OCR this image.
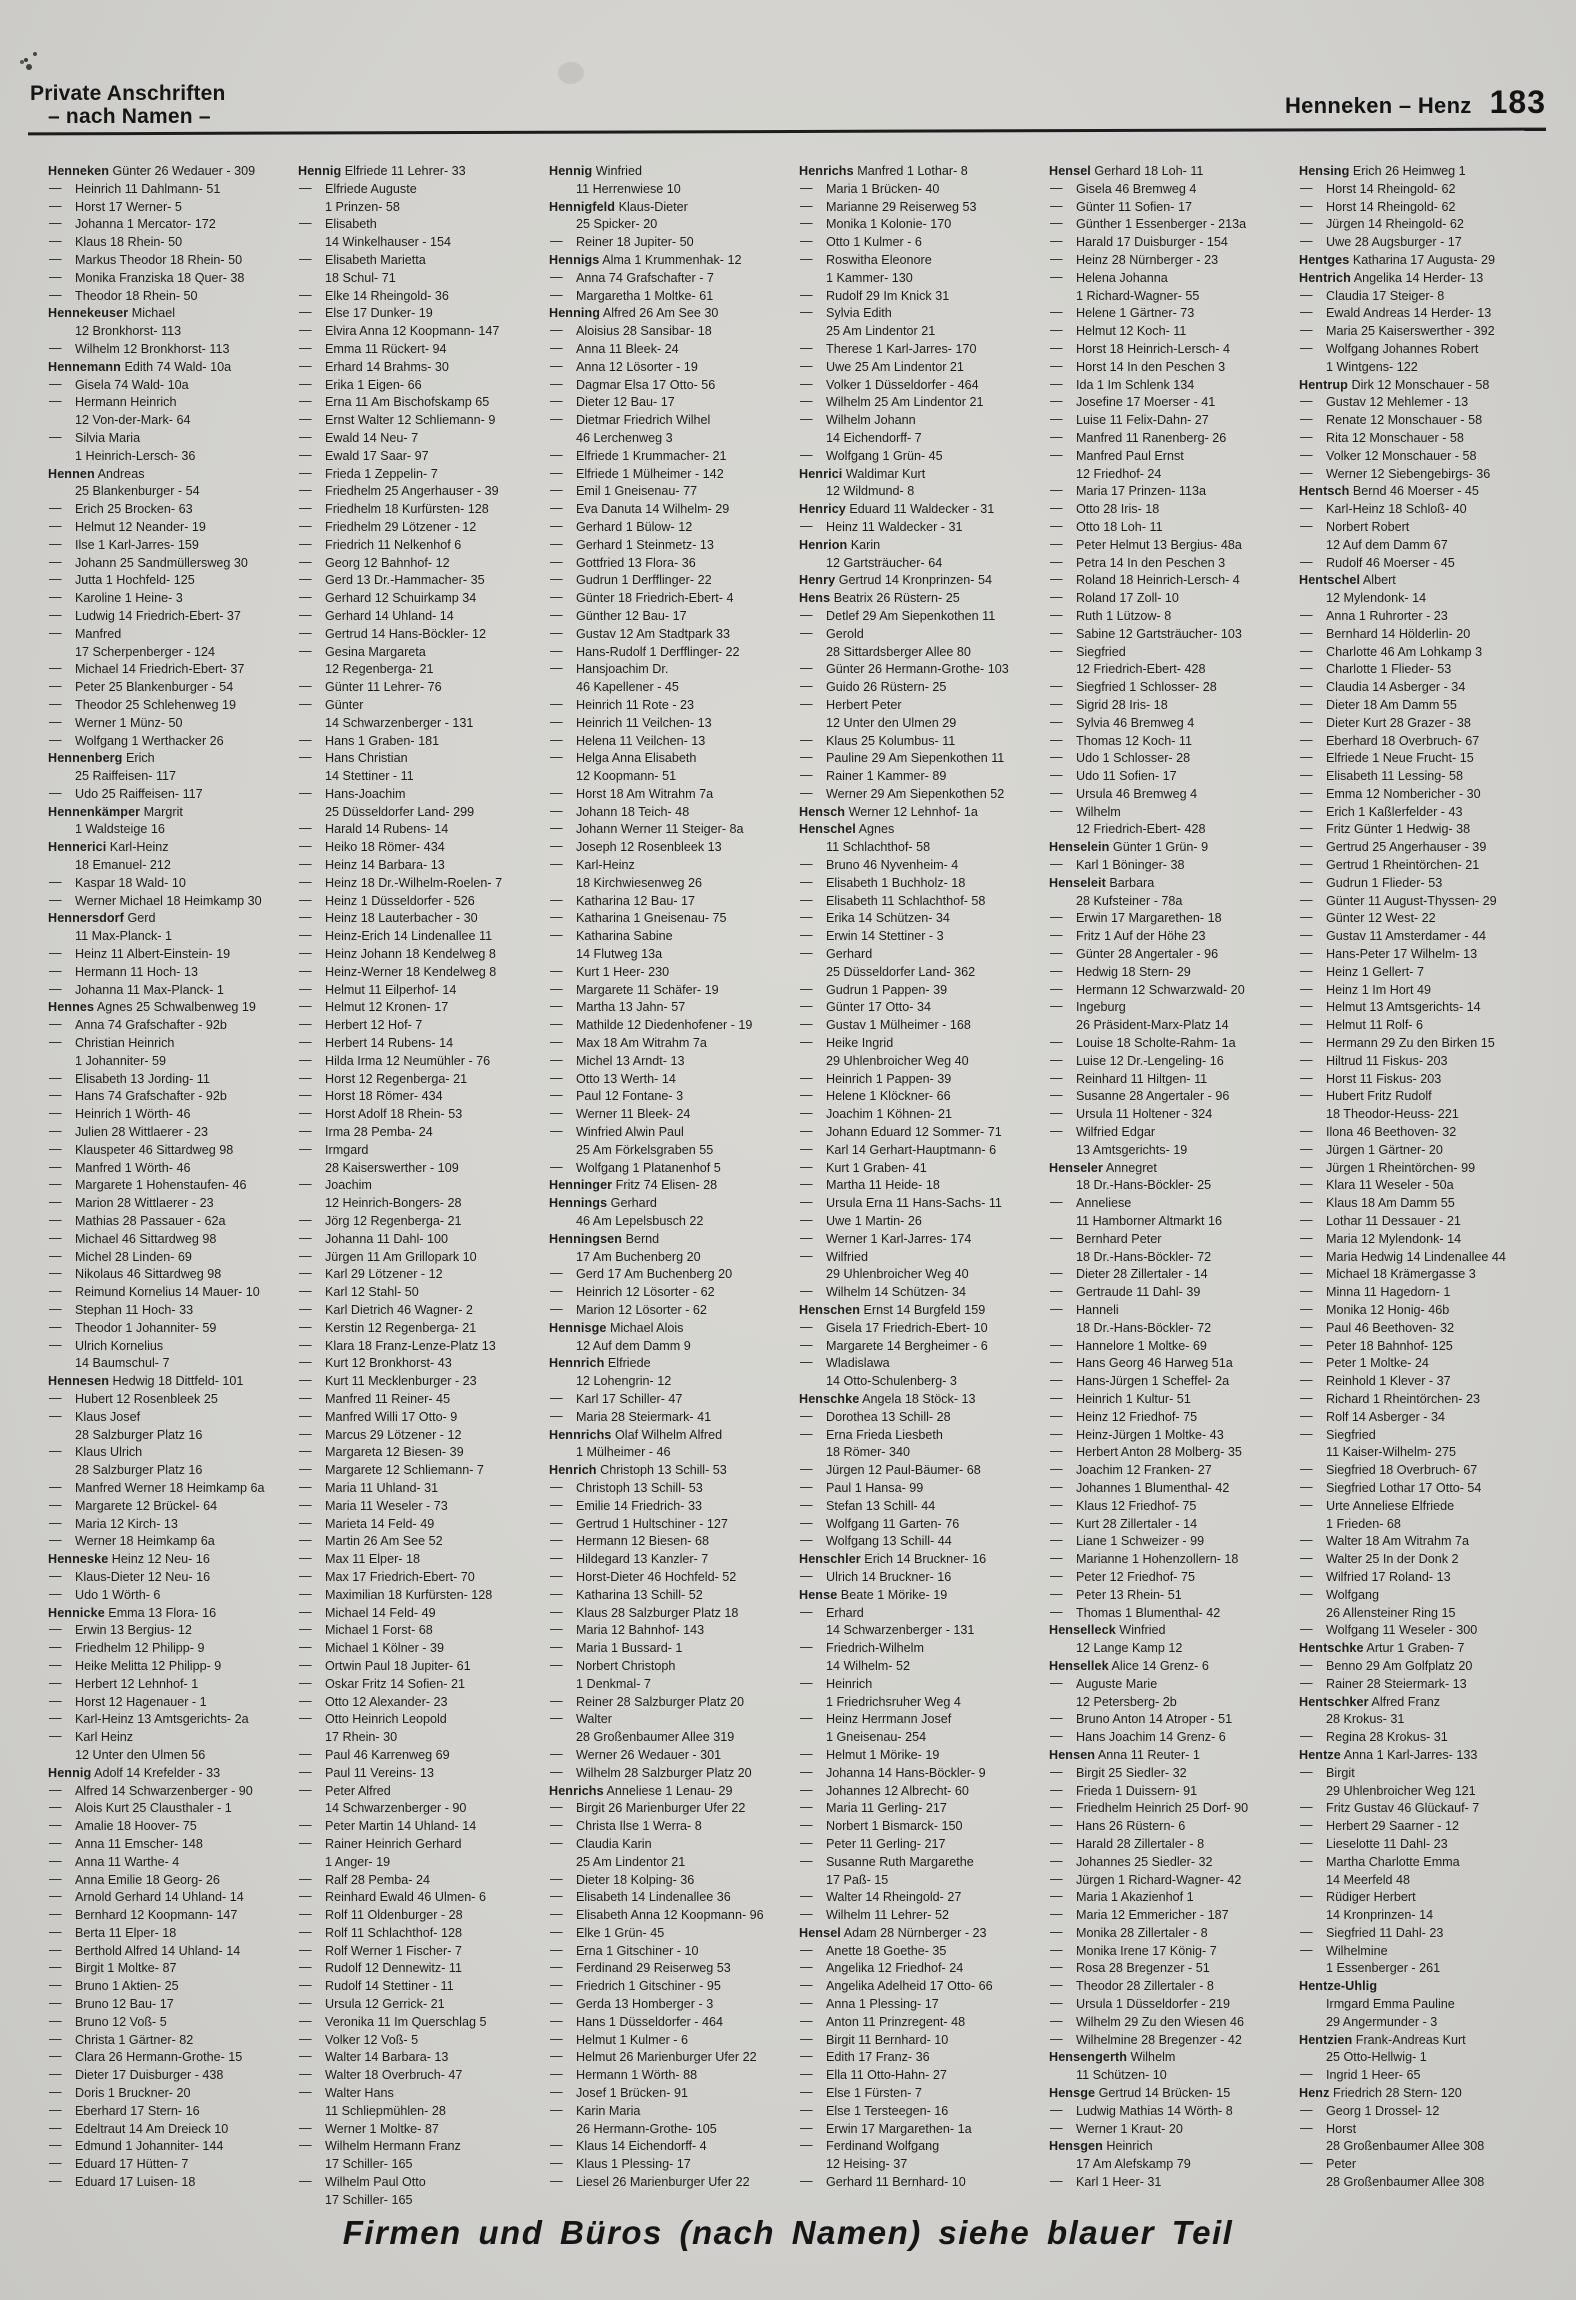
Private Anschriften
– nach Namen –	Henneken – Henz 183
Henneken Günter 26 Wedauer - 309
— Heinrich 11 Dahlmann- 51
— Horst 17 Werner- 5
— Johanna 1 Mercator- 172
— Klaus 18 Rhein- 50
— Markus Theodor 18 Rhein- 50
— Monika Franziska 18 Quer- 38
— Theodor 18 Rhein- 50
Hennekeuser Michael
12 Bronkhorst- 113
— Wilhelm 12 Bronkhorst- 113
Hennemann Edith 74 Wald- 10a
— Gisela 74 Wald- 10a
— Hermann Heinrich
12 Von-der-Mark- 64
— Silvia Maria
1 Heinrich-Lersch- 36
Hennen Andreas
25 Blankenburger - 54
— Erich 25 Brocken- 63
— Helmut 12 Neander- 19
— Ilse 1 Karl-Jarres- 159
— Johann 25 Sandmüllersweg 30
— Jutta 1 Hochfeld- 125
— Karoline 1 Heine- 3
— Ludwig 14 Friedrich-Ebert- 37
— Manfred
17 Scherpenberger - 124
— Michael 14 Friedrich-Ebert- 37
— Peter 25 Blankenburger - 54
— Theodor 25 Schlehenweg 19
— Werner 1 Münz- 50
— Wolfgang 1 Werthacker 26
Hennenberg Erich
25 Raiffeisen- 117
— Udo 25 Raiffeisen- 117
Hennenkämper Margrit
1 Waldsteige 16
Hennerici Karl-Heinz
18 Emanuel- 212
— Kaspar 18 Wald- 10
— Werner Michael 18 Heimkamp 30
Hennersdorf Gerd
11 Max-Planck- 1
— Heinz 11 Albert-Einstein- 19
— Hermann 11 Hoch- 13
— Johanna 11 Max-Planck- 1
Hennes Agnes 25 Schwalbenweg 19
— Anna 74 Grafschafter - 92b
— Christian Heinrich
1 Johanniter- 59
— Elisabeth 13 Jording- 11
— Hans 74 Grafschafter - 92b
— Heinrich 1 Wörth- 46
— Julien 28 Wittlaerer - 23
— Klauspeter 46 Sittardweg 98
— Manfred 1 Wörth- 46
— Margarete 1 Hohenstaufen- 46
— Marion 28 Wittlaerer - 23
— Mathias 28 Passauer - 62a
— Michael 46 Sittardweg 98
— Michel 28 Linden- 69
— Nikolaus 46 Sittardweg 98
— Reimund Kornelius 14 Mauer- 10
— Stephan 11 Hoch- 33
— Theodor 1 Johanniter- 59
— Ulrich Kornelius
14 Baumschul- 7
Hennesen Hedwig 18 Dittfeld- 101
— Hubert 12 Rosenbleek 25
— Klaus Josef
28 Salzburger Platz 16
— Klaus Ulrich
28 Salzburger Platz 16
— Manfred Werner 18 Heimkamp 6a
— Margarete 12 Brückel- 64
— Maria 12 Kirch- 13
— Werner 18 Heimkamp 6a
Henneske Heinz 12 Neu- 16
— Klaus-Dieter 12 Neu- 16
— Udo 1 Wörth- 6
Hennicke Emma 13 Flora- 16
— Erwin 13 Bergius- 12
— Friedhelm 12 Philipp- 9
— Heike Melitta 12 Philipp- 9
— Herbert 12 Lehnhof- 1
— Horst 12 Hagenauer - 1
— Karl-Heinz 13 Amtsgerichts- 2a
— Karl Heinz
12 Unter den Ulmen 56
Hennig Adolf 14 Krefelder - 33
— Alfred 14 Schwarzenberger - 90
— Alois Kurt 25 Clausthaler - 1
— Amalie 18 Hoover- 75
— Anna 11 Emscher- 148
— Anna 11 Warthe- 4
— Anna Emilie 18 Georg- 26
— Arnold Gerhard 14 Uhland- 14
— Bernhard 12 Koopmann- 147
— Berta 11 Elper- 18
— Berthold Alfred 14 Uhland- 14
— Birgit 1 Moltke- 87
— Bruno 1 Aktien- 25
— Bruno 12 Bau- 17
— Bruno 12 Voß- 5
— Christa 1 Gärtner- 82
— Clara 26 Hermann-Grothe- 15
— Dieter 17 Duisburger - 438
— Doris 1 Bruckner- 20
— Eberhard 17 Stern- 16
— Edeltraut 14 Am Dreieck 10
— Edmund 1 Johanniter- 144
— Eduard 17 Hütten- 7
— Eduard 17 Luisen- 18
Hennig Elfriede 11 Lehrer- 33
— Elfriede Auguste
1 Prinzen- 58
— Elisabeth
14 Winkelhauser - 154
— Elisabeth Marietta
18 Schul- 71
— Elke 14 Rheingold- 36
— Else 17 Dunker- 19
— Elvira Anna 12 Koopmann- 147
— Emma 11 Rückert- 94
— Erhard 14 Brahms- 30
— Erika 1 Eigen- 66
— Erna 11 Am Bischofskamp 65
— Ernst Walter 12 Schliemann- 9
— Ewald 14 Neu- 7
— Ewald 17 Saar- 97
— Frieda 1 Zeppelin- 7
— Friedhelm 25 Angerhauser - 39
— Friedhelm 18 Kurfürsten- 128
— Friedhelm 29 Lötzener - 12
— Friedrich 11 Nelkenhof 6
— Georg 12 Bahnhof- 12
— Gerd 13 Dr.-Hammacher- 35
— Gerhard 12 Schuirkamp 34
— Gerhard 14 Uhland- 14
— Gertrud 14 Hans-Böckler- 12
— Gesina Margareta
12 Regenberga- 21
— Günter 11 Lehrer- 76
— Günter
14 Schwarzenberger - 131
— Hans 1 Graben- 181
— Hans Christian
14 Stettiner - 11
— Hans-Joachim
25 Düsseldorfer Land- 299
— Harald 14 Rubens- 14
— Heiko 18 Römer- 434
— Heinz 14 Barbara- 13
— Heinz 18 Dr.-Wilhelm-Roelen- 7
— Heinz 1 Düsseldorfer - 526
— Heinz 18 Lauterbacher - 30
— Heinz-Erich 14 Lindenallee 11
— Heinz Johann 18 Kendelweg 8
— Heinz-Werner 18 Kendelweg 8
— Helmut 11 Eilperhof- 14
— Helmut 12 Kronen- 17
— Herbert 12 Hof- 7
— Herbert 14 Rubens- 14
— Hilda Irma 12 Neumühler - 76
— Horst 12 Regenberga- 21
— Horst 18 Römer- 434
— Horst Adolf 18 Rhein- 53
— Irma 28 Pemba- 24
— Irmgard
28 Kaiserswerther - 109
— Joachim
12 Heinrich-Bongers- 28
— Jörg 12 Regenberga- 21
— Johanna 11 Dahl- 100
— Jürgen 11 Am Grillopark 10
— Karl 29 Lötzener - 12
— Karl 12 Stahl- 50
— Karl Dietrich 46 Wagner- 2
— Kerstin 12 Regenberga- 21
— Klara 18 Franz-Lenze-Platz 13
— Kurt 12 Bronkhorst- 43
— Kurt 11 Mecklenburger - 23
— Manfred 11 Reiner- 45
— Manfred Willi 17 Otto- 9
— Marcus 29 Lötzener - 12
— Margareta 12 Biesen- 39
— Margarete 12 Schliemann- 7
— Maria 11 Uhland- 31
— Maria 11 Weseler - 73
— Marieta 14 Feld- 49
— Martin 26 Am See 52
— Max 11 Elper- 18
— Max 17 Friedrich-Ebert- 70
— Maximilian 18 Kurfürsten- 128
— Michael 14 Feld- 49
— Michael 1 Forst- 68
— Michael 1 Kölner - 39
— Ortwin Paul 18 Jupiter- 61
— Oskar Fritz 14 Sofien- 21
— Otto 12 Alexander- 23
— Otto Heinrich Leopold
17 Rhein- 30
— Paul 46 Karrenweg 69
— Paul 11 Vereins- 13
— Peter Alfred
14 Schwarzenberger - 90
— Peter Martin 14 Uhland- 14
— Rainer Heinrich Gerhard
1 Anger- 19
— Ralf 28 Pemba- 24
— Reinhard Ewald 46 Ulmen- 6
— Rolf 11 Oldenburger - 28
— Rolf 11 Schlachthof- 128
— Rolf Werner 1 Fischer- 7
— Rudolf 12 Dennewitz- 11
— Rudolf 14 Stettiner - 11
— Ursula 12 Gerrick- 21
— Veronika 11 Im Querschlag 5
— Volker 12 Voß- 5
— Walter 14 Barbara- 13
— Walter 18 Overbruch- 47
— Walter Hans
11 Schliepmühlen- 28
— Werner 1 Moltke- 87
— Wilhelm Hermann Franz
17 Schiller- 165
— Wilhelm Paul Otto
17 Schiller- 165
Hennig Winfried
11 Herrenwiese 10
Hennigfeld Klaus-Dieter
25 Spicker- 20
— Reiner 18 Jupiter- 50
Hennigs Alma 1 Krummenhak- 12
— Anna 74 Grafschafter - 7
— Margaretha 1 Moltke- 61
Henning Alfred 26 Am See 30
— Aloisius 28 Sansibar- 18
— Anna 11 Bleek- 24
— Anna 12 Lösorter - 19
— Dagmar Elsa 17 Otto- 56
— Dieter 12 Bau- 17
— Dietmar Friedrich Wilhel
46 Lerchenweg 3
— Elfriede 1 Krummacher- 21
— Elfriede 1 Mülheimer - 142
— Emil 1 Gneisenau- 77
— Eva Danuta 14 Wilhelm- 29
— Gerhard 1 Bülow- 12
— Gerhard 1 Steinmetz- 13
— Gottfried 13 Flora- 36
— Gudrun 1 Derfflinger- 22
— Günter 18 Friedrich-Ebert- 4
— Günther 12 Bau- 17
— Gustav 12 Am Stadtpark 33
— Hans-Rudolf 1 Derfflinger- 22
— Hansjoachim Dr.
46 Kapellener - 45
— Heinrich 11 Rote - 23
— Heinrich 11 Veilchen- 13
— Helena 11 Veilchen- 13
— Helga Anna Elisabeth
12 Koopmann- 51
— Horst 18 Am Witrahm 7a
— Johann 18 Teich- 48
— Johann Werner 11 Steiger- 8a
— Joseph 12 Rosenbleek 13
— Karl-Heinz
18 Kirchwiesenweg 26
— Katharina 12 Bau- 17
— Katharina 1 Gneisenau- 75
— Katharina Sabine
14 Flutweg 13a
— Kurt 1 Heer- 230
— Margarete 11 Schäfer- 19
— Martha 13 Jahn- 57
— Mathilde 12 Diedenhofener - 19
— Max 18 Am Witrahm 7a
— Michel 13 Arndt- 13
— Otto 13 Werth- 14
— Paul 12 Fontane- 3
— Werner 11 Bleek- 24
— Winfried Alwin Paul
25 Am Förkelsgraben 55
— Wolfgang 1 Platanenhof 5
Henninger Fritz 74 Elisen- 28
Hennings Gerhard
46 Am Lepelsbusch 22
Henningsen Bernd
17 Am Buchenberg 20
— Gerd 17 Am Buchenberg 20
— Heinrich 12 Lösorter - 62
— Marion 12 Lösorter - 62
Hennisge Michael Alois
12 Auf dem Damm 9
Hennrich Elfriede
12 Lohengrin- 12
— Karl 17 Schiller- 47
— Maria 28 Steiermark- 41
Hennrichs Olaf Wilhelm Alfred
1 Mülheimer - 46
Henrich Christoph 13 Schill- 53
— Christoph 13 Schill- 53
— Emilie 14 Friedrich- 33
— Gertrud 1 Hultschiner - 127
— Hermann 12 Biesen- 68
— Hildegard 13 Kanzler- 7
— Horst-Dieter 46 Hochfeld- 52
— Katharina 13 Schill- 52
— Klaus 28 Salzburger Platz 18
— Maria 12 Bahnhof- 143
— Maria 1 Bussard- 1
— Norbert Christoph
1 Denkmal- 7
— Reiner 28 Salzburger Platz 20
— Walter
28 Großenbaumer Allee 319
— Werner 26 Wedauer - 301
— Wilhelm 28 Salzburger Platz 20
Henrichs Anneliese 1 Lenau- 29
— Birgit 26 Marienburger Ufer 22
— Christa Ilse 1 Werra- 8
— Claudia Karin
25 Am Lindentor 21
— Dieter 18 Kolping- 36
— Elisabeth 14 Lindenallee 36
— Elisabeth Anna 12 Koopmann- 96
— Elke 1 Grün- 45
— Erna 1 Gitschiner - 10
— Ferdinand 29 Reiserweg 53
— Friedrich 1 Gitschiner - 95
— Gerda 13 Homberger - 3
— Hans 1 Düsseldorfer - 464
— Helmut 1 Kulmer - 6
— Helmut 26 Marienburger Ufer 22
— Hermann 1 Wörth- 88
— Josef 1 Brücken- 91
— Karin Maria
26 Hermann-Grothe- 105
— Klaus 14 Eichendorff- 4
— Klaus 1 Plessing- 17
— Liesel 26 Marienburger Ufer 22
Henrichs Manfred 1 Lothar- 8
— Maria 1 Brücken- 40
— Marianne 29 Reiserweg 53
— Monika 1 Kolonie- 170
— Otto 1 Kulmer - 6
— Roswitha Eleonore
1 Kammer- 130
— Rudolf 29 Im Knick 31
— Sylvia Edith
25 Am Lindentor 21
— Therese 1 Karl-Jarres- 170
— Uwe 25 Am Lindentor 21
— Volker 1 Düsseldorfer - 464
— Wilhelm 25 Am Lindentor 21
— Wilhelm Johann
14 Eichendorff- 7
— Wolfgang 1 Grün- 45
Henrici Waldimar Kurt
12 Wildmund- 8
Henricy Eduard 11 Waldecker - 31
— Heinz 11 Waldecker - 31
Henrion Karin
12 Gartsträucher- 64
Henry Gertrud 14 Kronprinzen- 54
Hens Beatrix 26 Rüstern- 25
— Detlef 29 Am Siepenkothen 11
— Gerold
28 Sittardsberger Allee 80
— Günter 26 Hermann-Grothe- 103
— Guido 26 Rüstern- 25
— Herbert Peter
12 Unter den Ulmen 29
— Klaus 25 Kolumbus- 11
— Pauline 29 Am Siepenkothen 11
— Rainer 1 Kammer- 89
— Werner 29 Am Siepenkothen 52
Hensch Werner 12 Lehnhof- 1a
Henschel Agnes
11 Schlachthof- 58
— Bruno 46 Nyvenheim- 4
— Elisabeth 1 Buchholz- 18
— Elisabeth 11 Schlachthof- 58
— Erika 14 Schützen- 34
— Erwin 14 Stettiner - 3
— Gerhard
25 Düsseldorfer Land- 362
— Gudrun 1 Pappen- 39
— Günter 17 Otto- 34
— Gustav 1 Mülheimer - 168
— Heike Ingrid
29 Uhlenbroicher Weg 40
— Heinrich 1 Pappen- 39
— Helene 1 Klöckner- 66
— Joachim 1 Köhnen- 21
— Johann Eduard 12 Sommer- 71
— Karl 14 Gerhart-Hauptmann- 6
— Kurt 1 Graben- 41
— Martha 11 Heide- 18
— Ursula Erna 11 Hans-Sachs- 11
— Uwe 1 Martin- 26
— Werner 1 Karl-Jarres- 174
— Wilfried
29 Uhlenbroicher Weg 40
— Wilhelm 14 Schützen- 34
Henschen Ernst 14 Burgfeld 159
— Gisela 17 Friedrich-Ebert- 10
— Margarete 14 Bergheimer - 6
— Wladislawa
14 Otto-Schulenberg- 3
Henschke Angela 18 Stöck- 13
— Dorothea 13 Schill- 28
— Erna Frieda Liesbeth
18 Römer- 340
— Jürgen 12 Paul-Bäumer- 68
— Paul 1 Hansa- 99
— Stefan 13 Schill- 44
— Wolfgang 11 Garten- 76
— Wolfgang 13 Schill- 44
Henschler Erich 14 Bruckner- 16
— Ulrich 14 Bruckner- 16
Hense Beate 1 Mörike- 19
— Erhard
14 Schwarzenberger - 131
— Friedrich-Wilhelm
14 Wilhelm- 52
— Heinrich
1 Friedrichsruher Weg 4
— Heinz Herrmann Josef
1 Gneisenau- 254
— Helmut 1 Mörike- 19
— Johanna 14 Hans-Böckler- 9
— Johannes 12 Albrecht- 60
— Maria 11 Gerling- 217
— Norbert 1 Bismarck- 150
— Peter 11 Gerling- 217
— Susanne Ruth Margarethe
17 Paß- 15
— Walter 14 Rheingold- 27
— Wilhelm 11 Lehrer- 52
Hensel Adam 28 Nürnberger - 23
— Anette 18 Goethe- 35
— Angelika 12 Friedhof- 24
— Angelika Adelheid 17 Otto- 66
— Anna 1 Plessing- 17
— Anton 11 Prinzregent- 48
— Birgit 11 Bernhard- 10
— Edith 17 Franz- 36
— Ella 11 Otto-Hahn- 27
— Else 1 Fürsten- 7
— Else 1 Tersteegen- 16
— Erwin 17 Margarethen- 1a
— Ferdinand Wolfgang
12 Heising- 37
— Gerhard 11 Bernhard- 10
Hensel Gerhard 18 Loh- 11
— Gisela 46 Bremweg 4
— Günter 11 Sofien- 17
— Günther 1 Essenberger - 213a
— Harald 17 Duisburger - 154
— Heinz 28 Nürnberger - 23
— Helena Johanna
1 Richard-Wagner- 55
— Helene 1 Gärtner- 73
— Helmut 12 Koch- 11
— Horst 18 Heinrich-Lersch- 4
— Horst 14 In den Peschen 3
— Ida 1 Im Schlenk 134
— Josefine 17 Moerser - 41
— Luise 11 Felix-Dahn- 27
— Manfred 11 Ranenberg- 26
— Manfred Paul Ernst
12 Friedhof- 24
— Maria 17 Prinzen- 113a
— Otto 28 Iris- 18
— Otto 18 Loh- 11
— Peter Helmut 13 Bergius- 48a
— Petra 14 In den Peschen 3
— Roland 18 Heinrich-Lersch- 4
— Roland 17 Zoll- 10
— Ruth 1 Lützow- 8
— Sabine 12 Gartsträucher- 103
— Siegfried
12 Friedrich-Ebert- 428
— Siegfried 1 Schlosser- 28
— Sigrid 28 Iris- 18
— Sylvia 46 Bremweg 4
— Thomas 12 Koch- 11
— Udo 1 Schlosser- 28
— Udo 11 Sofien- 17
— Ursula 46 Bremweg 4
— Wilhelm
12 Friedrich-Ebert- 428
Henselein Günter 1 Grün- 9
— Karl 1 Böninger- 38
Henseleit Barbara
28 Kufsteiner - 78a
— Erwin 17 Margarethen- 18
— Fritz 1 Auf der Höhe 23
— Günter 28 Angertaler - 96
— Hedwig 18 Stern- 29
— Hermann 12 Schwarzwald- 20
— Ingeburg
26 Präsident-Marx-Platz 14
— Louise 18 Scholte-Rahm- 1a
— Luise 12 Dr.-Lengeling- 16
— Reinhard 11 Hiltgen- 11
— Susanne 28 Angertaler - 96
— Ursula 11 Holtener - 324
— Wilfried Edgar
13 Amtsgerichts- 19
Henseler Annegret
18 Dr.-Hans-Böckler- 25
— Anneliese
11 Hamborner Altmarkt 16
— Bernhard Peter
18 Dr.-Hans-Böckler- 72
— Dieter 28 Zillertaler - 14
— Gertraude 11 Dahl- 39
— Hanneli
18 Dr.-Hans-Böckler- 72
— Hannelore 1 Moltke- 69
— Hans Georg 46 Harweg 51a
— Hans-Jürgen 1 Scheffel- 2a
— Heinrich 1 Kultur- 51
— Heinz 12 Friedhof- 75
— Heinz-Jürgen 1 Moltke- 43
— Herbert Anton 28 Molberg- 35
— Joachim 12 Franken- 27
— Johannes 1 Blumenthal- 42
— Klaus 12 Friedhof- 75
— Kurt 28 Zillertaler - 14
— Liane 1 Schweizer - 99
— Marianne 1 Hohenzollern- 18
— Peter 12 Friedhof- 75
— Peter 13 Rhein- 51
— Thomas 1 Blumenthal- 42
Henselleck Winfried
12 Lange Kamp 12
Hensellek Alice 14 Grenz- 6
— Auguste Marie
12 Petersberg- 2b
— Bruno Anton 14 Atroper - 51
— Hans Joachim 14 Grenz- 6
Hensen Anna 11 Reuter- 1
— Birgit 25 Siedler- 32
— Frieda 1 Duissern- 91
— Friedhelm Heinrich 25 Dorf- 90
— Hans 26 Rüstern- 6
— Harald 28 Zillertaler - 8
— Johannes 25 Siedler- 32
— Jürgen 1 Richard-Wagner- 42
— Maria 1 Akazienhof 1
— Maria 12 Emmericher - 187
— Monika 28 Zillertaler - 8
— Monika Irene 17 König- 7
— Rosa 28 Bregenzer - 51
— Theodor 28 Zillertaler - 8
— Ursula 1 Düsseldorfer - 219
— Wilhelm 29 Zu den Wiesen 46
— Wilhelmine 28 Bregenzer - 42
Hensengerth Wilhelm
11 Schützen- 10
Hensge Gertrud 14 Brücken- 15
— Ludwig Mathias 14 Wörth- 8
— Werner 1 Kraut- 20
Hensgen Heinrich
17 Am Alefskamp 79
— Karl 1 Heer- 31
Hensing Erich 26 Heimweg 1
— Horst 14 Rheingold- 62
— Horst 14 Rheingold- 62
— Jürgen 14 Rheingold- 62
— Uwe 28 Augsburger - 17
Hentges Katharina 17 Augusta- 29
Hentrich Angelika 14 Herder- 13
— Claudia 17 Steiger- 8
— Ewald Andreas 14 Herder- 13
— Maria 25 Kaiserswerther - 392
— Wolfgang Johannes Robert
1 Wintgens- 122
Hentrup Dirk 12 Monschauer - 58
— Gustav 12 Mehlemer - 13
— Renate 12 Monschauer - 58
— Rita 12 Monschauer - 58
— Volker 12 Monschauer - 58
— Werner 12 Siebengebirgs- 36
Hentsch Bernd 46 Moerser - 45
— Karl-Heinz 18 Schloß- 40
— Norbert Robert
12 Auf dem Damm 67
— Rudolf 46 Moerser - 45
Hentschel Albert
12 Mylendonk- 14
— Anna 1 Ruhrorter - 23
— Bernhard 14 Hölderlin- 20
— Charlotte 46 Am Lohkamp 3
— Charlotte 1 Flieder- 53
— Claudia 14 Asberger - 34
— Dieter 18 Am Damm 55
— Dieter Kurt 28 Grazer - 38
— Eberhard 18 Overbruch- 67
— Elfriede 1 Neue Frucht- 15
— Elisabeth 11 Lessing- 58
— Emma 12 Nombericher - 30
— Erich 1 Kaßlerfelder - 43
— Fritz Günter 1 Hedwig- 38
— Gertrud 25 Angerhauser - 39
— Gertrud 1 Rheintörchen- 21
— Gudrun 1 Flieder- 53
— Günter 11 August-Thyssen- 29
— Günter 12 West- 22
— Gustav 11 Amsterdamer - 44
— Hans-Peter 17 Wilhelm- 13
— Heinz 1 Gellert- 7
— Heinz 1 Im Hort 49
— Helmut 13 Amtsgerichts- 14
— Helmut 11 Rolf- 6
— Hermann 29 Zu den Birken 15
— Hiltrud 11 Fiskus- 203
— Horst 11 Fiskus- 203
— Hubert Fritz Rudolf
18 Theodor-Heuss- 221
— Ilona 46 Beethoven- 32
— Jürgen 1 Gärtner- 20
— Jürgen 1 Rheintörchen- 99
— Klara 11 Weseler - 50a
— Klaus 18 Am Damm 55
— Lothar 11 Dessauer - 21
— Maria 12 Mylendonk- 14
— Maria Hedwig 14 Lindenallee 44
— Michael 18 Krämergasse 3
— Minna 11 Hagedorn- 1
— Monika 12 Honig- 46b
— Paul 46 Beethoven- 32
— Peter 18 Bahnhof- 125
— Peter 1 Moltke- 24
— Reinhold 1 Klever - 37
— Richard 1 Rheintörchen- 23
— Rolf 14 Asberger - 34
— Siegfried
11 Kaiser-Wilhelm- 275
— Siegfried 18 Overbruch- 67
— Siegfried Lothar 17 Otto- 54
— Urte Anneliese Elfriede
1 Frieden- 68
— Walter 18 Am Witrahm 7a
— Walter 25 In der Donk 2
— Wilfried 17 Roland- 13
— Wolfgang
26 Allensteiner Ring 15
— Wolfgang 11 Weseler - 300
Hentschke Artur 1 Graben- 7
— Benno 29 Am Golfplatz 20
— Rainer 28 Steiermark- 13
Hentschker Alfred Franz
28 Krokus- 31
— Regina 28 Krokus- 31
Hentze Anna 1 Karl-Jarres- 133
— Birgit
29 Uhlenbroicher Weg 121
— Fritz Gustav 46 Glückauf- 7
— Herbert 29 Saarner - 12
— Lieselotte 11 Dahl- 23
— Martha Charlotte Emma
14 Meerfeld 48
— Rüdiger Herbert
14 Kronprinzen- 14
— Siegfried 11 Dahl- 23
— Wilhelmine
1 Essenberger - 261
Hentze-Uhlig
Irmgard Emma Pauline
29 Angermunder - 3
Hentzien Frank-Andreas Kurt
25 Otto-Hellwig- 1
— Ingrid 1 Heer- 65
Henz Friedrich 28 Stern- 120
— Georg 1 Drossel- 12
— Horst
28 Großenbaumer Allee 308
— Peter
28 Großenbaumer Allee 308
Firmen und Büros (nach Namen) siehe blauer Teil
